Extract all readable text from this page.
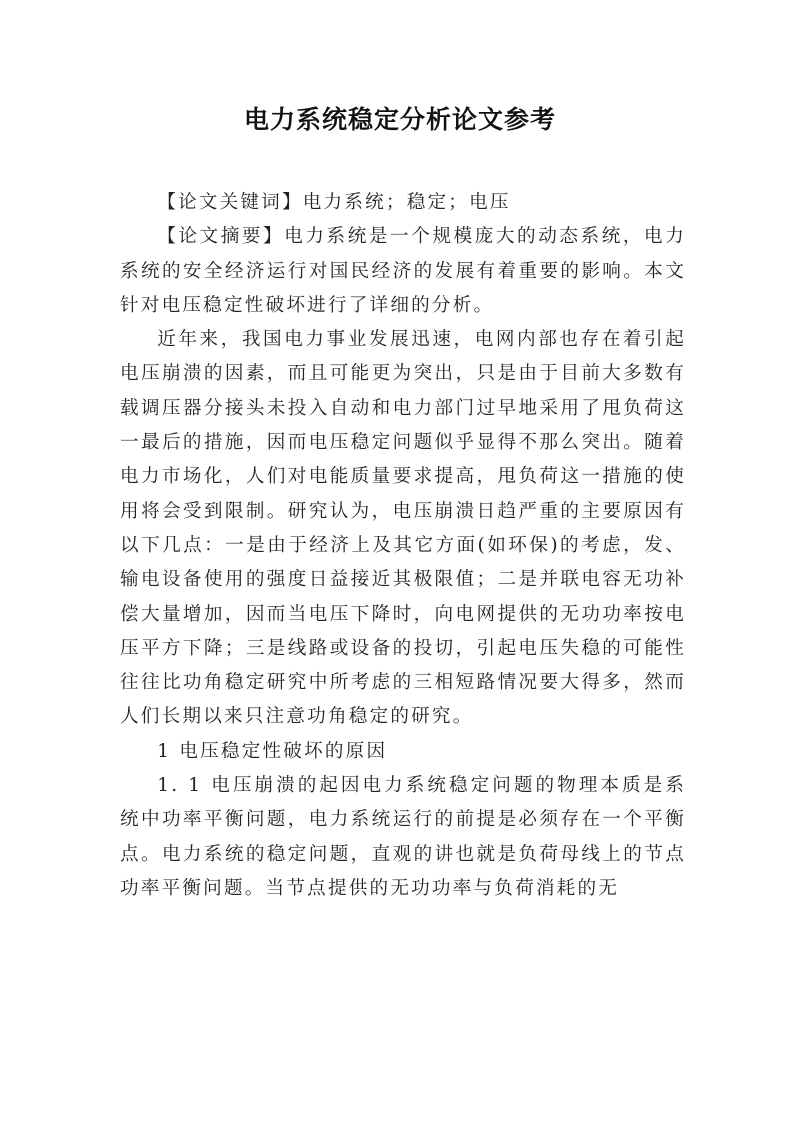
电力系统稳定分析论文参考

【论文关键词】电力系统；稳定；电压

【论文摘要】电力系统是一个规模庞大的动态系统，电力系统的安全经济运行对国民经济的发展有着重要的影响。本文针对电压稳定性破坏进行了详细的分析。

近年来，我国电力事业发展迅速，电网内部也存在着引起电压崩溃的因素，而且可能更为突出，只是由于目前大多数有载调压器分接头未投入自动和电力部门过早地采用了甩负荷这一最后的措施，因而电压稳定问题似乎显得不那么突出。随着电力市场化，人们对电能质量要求提高，甩负荷这一措施的使用将会受到限制。研究认为，电压崩溃日趋严重的主要原因有以下几点：一是由于经济上及其它方面(如环保)的考虑，发、输电设备使用的强度日益接近其极限值；二是并联电容无功补偿大量增加，因而当电压下降时，向电网提供的无功功率按电压平方下降；三是线路或设备的投切，引起电压失稳的可能性往往比功角稳定研究中所考虑的三相短路情况要大得多，然而人们长期以来只注意功角稳定的研究。

1 电压稳定性破坏的原因

1. 1 电压崩溃的起因电力系统稳定问题的物理本质是系统中功率平衡问题，电力系统运行的前提是必须存在一个平衡点。电力系统的稳定问题，直观的讲也就是负荷母线上的节点功率平衡问题。当节点提供的无功功率与负荷消耗的无
